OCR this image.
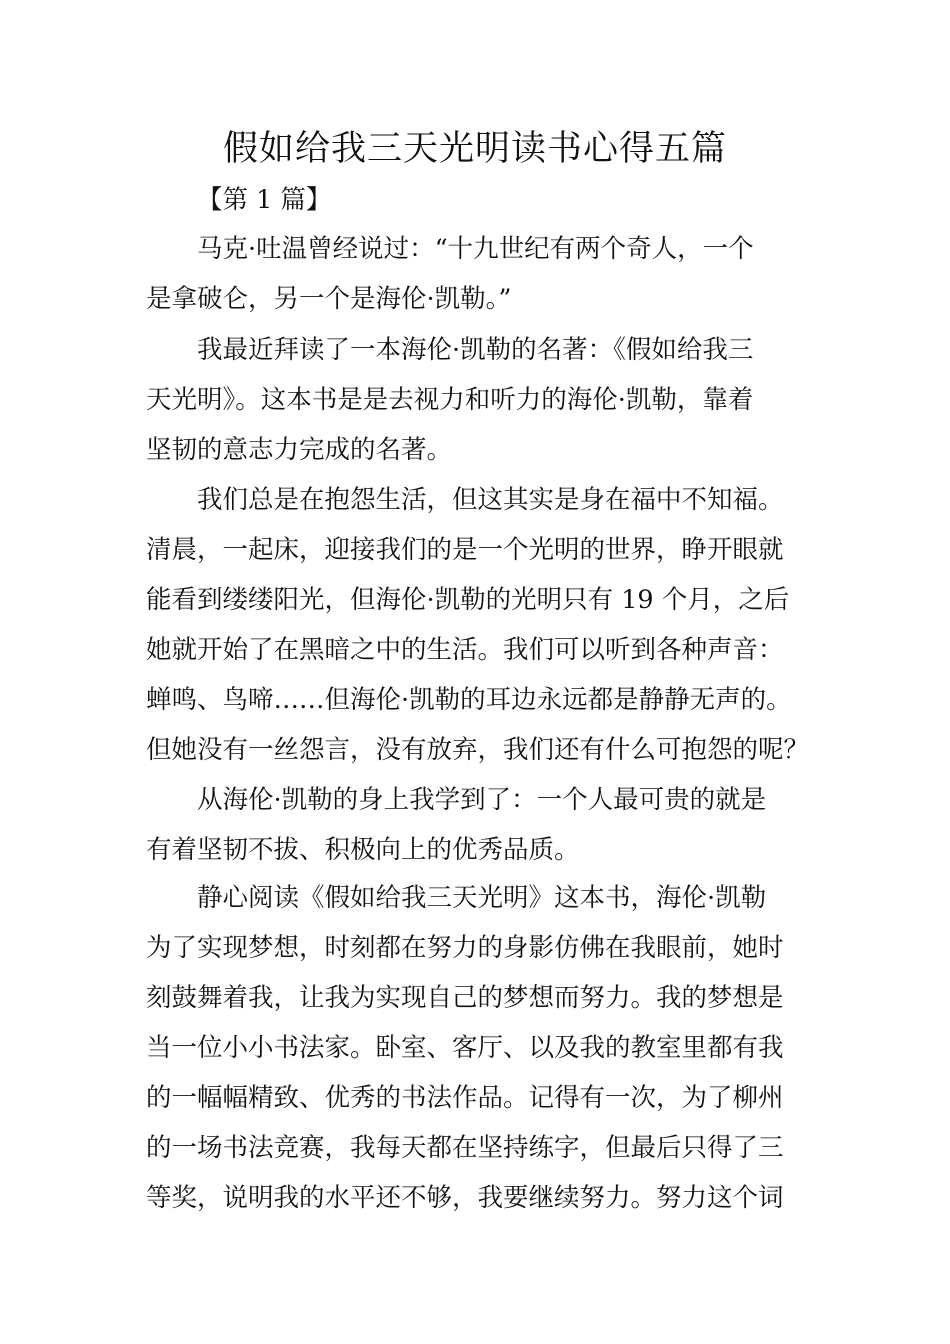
假如给我三天光明读书心得五篇
【第 1 篇】
马克·吐温曾经说过：“十九世纪有两个奇人，一个
是拿破仑，另一个是海伦·凯勒。”
我最近拜读了一本海伦·凯勒的名著：《假如给我三
天光明》。这本书是是去视力和听力的海伦·凯勒，靠着
坚韧的意志力完成的名著。
我们总是在抱怨生活，但这其实是身在福中不知福。
清晨，一起床，迎接我们的是一个光明的世界，睁开眼就
能看到缕缕阳光，但海伦·凯勒的光明只有 19 个月，之后
她就开始了在黑暗之中的生活。我们可以听到各种声音：
蝉鸣、鸟啼……但海伦·凯勒的耳边永远都是静静无声的。
但她没有一丝怨言，没有放弃，我们还有什么可抱怨的呢？
从海伦·凯勒的身上我学到了：一个人最可贵的就是
有着坚韧不拔、积极向上的优秀品质。
静心阅读《假如给我三天光明》这本书，海伦·凯勒
为了实现梦想，时刻都在努力的身影仿佛在我眼前，她时
刻鼓舞着我，让我为实现自己的梦想而努力。我的梦想是
当一位小小书法家。卧室、客厅、以及我的教室里都有我
的一幅幅精致、优秀的书法作品。记得有一次，为了柳州
的一场书法竞赛，我每天都在坚持练字，但最后只得了三
等奖，说明我的水平还不够，我要继续努力。努力这个词
